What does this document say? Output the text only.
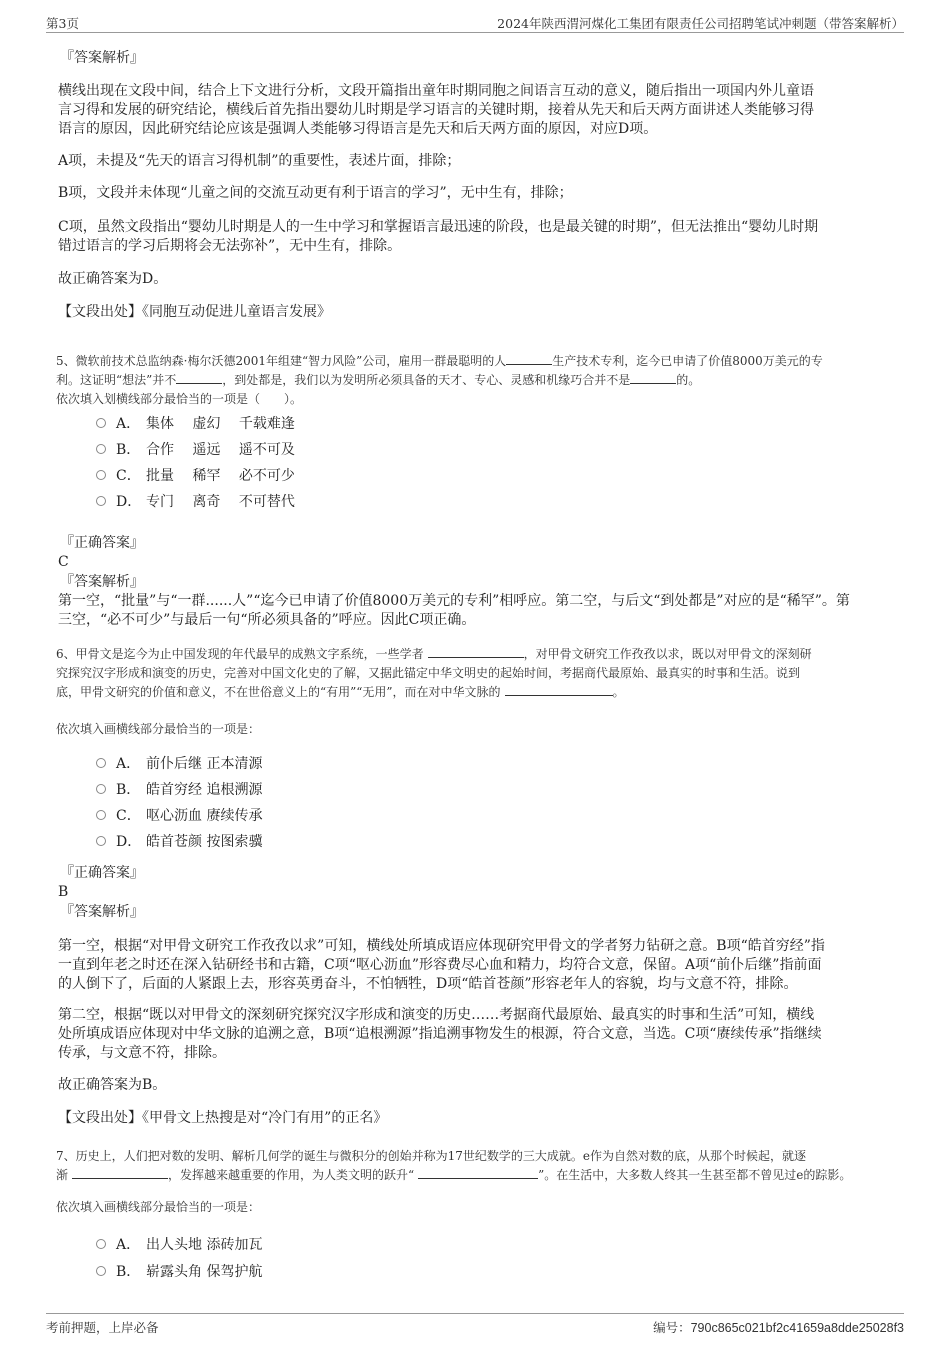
第3页	2024年陕西渭河煤化工集团有限责任公司招聘笔试冲刺题（带答案解析）
『答案解析』
横线出现在文段中间，结合上下文进行分析，文段开篇指出童年时期同胞之间语言互动的意义，随后指出一项国内外儿童语
言习得和发展的研究结论，横线后首先指出婴幼儿时期是学习语言的关键时期，接着从先天和后天两方面讲述人类能够习得
语言的原因，因此研究结论应该是强调人类能够习得语言是先天和后天两方面的原因，对应D项。
A项，未提及“先天的语言习得机制”的重要性，表述片面，排除；
B项，文段并未体现“儿童之间的交流互动更有利于语言的学习”，无中生有，排除；
C项，虽然文段指出“婴幼儿时期是人的一生中学习和掌握语言最迅速的阶段，也是最关键的时期”，但无法推出“婴幼儿时期
错过语言的学习后期将会无法弥补”，无中生有，排除。
故正确答案为D。
【文段出处】《同胞互动促进儿童语言发展》
5、微软前技术总监纳森·梅尔沃德2001年组建“智力风险”公司，雇用一群最聪明的人	生产技术专利，迄今已申请了价值8000万美元的专
利。这证明“想法”并不	，到处都是，我们以为发明所必须具备的天才、专心、灵感和机缘巧合并不是	的。
依次填入划横线部分最恰当的一项是（　　）。
A． 集体　 虚幻　 千载难逢
B． 合作　 遥远　 遥不可及
C． 批量　 稀罕　 必不可少
D． 专门　 离奇　 不可替代
『正确答案』
C
『答案解析』
第一空，“批量”与“一群......人”“迄今已申请了价值8000万美元的专利”相呼应。第二空，与后文“到处都是”对应的是“稀罕”。第
三空，“必不可少”与最后一句“所必须具备的”呼应。因此C项正确。
6、甲骨文是迄今为止中国发现的年代最早的成熟文字系统，一些学者	，对甲骨文研究工作孜孜以求，既以对甲骨文的深刻研
究探究汉字形成和演变的历史，完善对中国文化史的了解，又据此锚定中华文明史的起始时间，考据商代最原始、最真实的时事和生活。说到
底，甲骨文研究的价值和意义，不在世俗意义上的“有用”“无用”，而在对中华文脉的	。
依次填入画横线部分最恰当的一项是：
A． 前仆后继 正本清源
B． 皓首穷经 追根溯源
C． 呕心沥血 赓续传承
D． 皓首苍颜 按图索骥
『正确答案』
B
『答案解析』
第一空，根据“对甲骨文研究工作孜孜以求”可知，横线处所填成语应体现研究甲骨文的学者努力钻研之意。B项“皓首穷经”指
一直到年老之时还在深入钻研经书和古籍，C项“呕心沥血”形容费尽心血和精力，均符合文意，保留。A项“前仆后继”指前面
的人倒下了，后面的人紧跟上去，形容英勇奋斗，不怕牺牲，D项“皓首苍颜”形容老年人的容貌，均与文意不符，排除。
第二空，根据“既以对甲骨文的深刻研究探究汉字形成和演变的历史……考据商代最原始、最真实的时事和生活”可知，横线
处所填成语应体现对中华文脉的追溯之意，B项“追根溯源”指追溯事物发生的根源，符合文意，当选。C项“赓续传承”指继续
传承，与文意不符，排除。
故正确答案为B。
【文段出处】《甲骨文上热搜是对“冷门有用”的正名》
7、历史上，人们把对数的发明、解析几何学的诞生与微积分的创始并称为17世纪数学的三大成就。e作为自然对数的底，从那个时候起，就逐
渐	，发挥越来越重要的作用，为人类文明的跃升“	”。在生活中，大多数人终其一生甚至都不曾见过e的踪影。
依次填入画横线部分最恰当的一项是：
A． 出人头地 添砖加瓦
B． 崭露头角 保驾护航
考前押题，上岸必备	编号：790c865c021bf2c41659a8dde25028f3
